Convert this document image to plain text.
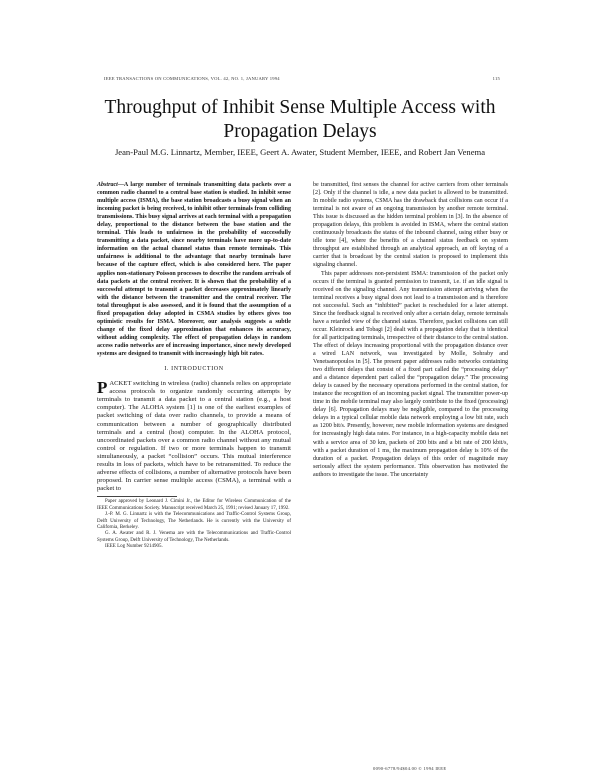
IEEE TRANSACTIONS ON COMMUNICATIONS, VOL. 42, NO. 1, JANUARY 1994	115
Throughput of Inhibit Sense Multiple Access with Propagation Delays
Jean-Paul M.G. Linnartz, Member, IEEE, Geert A. Awater, Student Member, IEEE, and Robert Jan Venema

Abstract—A large number of terminals transmitting data packets over a common radio channel to a central base station is studied. In inhibit sense multiple access (ISMA), the base station broadcasts a busy signal when an incoming packet is being received, to inhibit other terminals from colliding transmissions. This busy signal arrives at each terminal with a propagation delay, proportional to the distance between the base station and the terminal. This leads to unfairness in the probability of successfully transmitting a data packet, since nearby terminals have more up-to-date information on the actual channel status than remote terminals. This unfairness is additional to the advantage that nearby terminals have because of the capture effect, which is also considered here. The paper applies non-stationary Poisson processes to describe the random arrivals of data packets at the central receiver. It is shown that the probability of a successful attempt to transmit a packet decreases approximately linearly with the distance between the transmitter and the central receiver. The total throughput is also assessed, and it is found that the assumption of a fixed propagation delay adopted in CSMA studies by others gives too optimistic results for ISMA. Moreover, our analysis suggests a subtle change of the fixed delay approximation that enhances its accuracy, without adding complexity. The effect of propagation delays in random access radio networks are of increasing importance, since newly developed systems are designed to transmit with increasingly high bit rates.

I. INTRODUCTION

PACKET switching in wireless (radio) channels relies on appropriate access protocols to organize randomly occurring attempts by terminals to transmit a data packet to a central station (e.g., a host computer). The ALOHA system [1] is one of the earliest examples of packet switching of data over radio channels, to provide a means of communication between a number of geographically distributed terminals and a central (host) computer. In the ALOHA protocol, uncoordinated packets over a common radio channel without any mutual control or regulation. If two or more terminals happen to transmit simultaneously, a packet “collision” occurs. This mutual interference results in loss of packets, which have to be retransmitted. To reduce the adverse effects of collisions, a number of alternative protocols have been proposed. In carrier sense multiple access (CSMA), a terminal with a packet to

Paper approved by Leonard J. Cimini Jr., the Editor for Wireless Communication of the IEEE Communications Society. Manuscript received March 25, 1991; revised January 17, 1992.

J.-P. M. G. Linnartz is with the Telecommunications and Traffic-Control Systems Group, Delft University of Technology, The Netherlands. He is currently with the University of California, Berkeley.

G. A. Awater and R. J. Venema are with the Telecommunications and Traffic-Control Systems Group, Delft University of Technology, The Netherlands.

IEEE Log Number 9214905.

be transmitted, first senses the channel for active carriers from other terminals [2]. Only if the channel is idle, a new data packet is allowed to be transmitted. In mobile radio systems, CSMA has the drawback that collisions can occur if a terminal is not aware of an ongoing transmission by another remote terminal. This issue is discussed as the hidden terminal problem in [3]. In the absence of propagation delays, this problem is avoided in ISMA, where the central station continuously broadcasts the status of the inbound channel, using either busy or idle tone [4], where the benefits of a channel status feedback on system throughput are established through an analytical approach, an off keying of a carrier that is broadcast by the central station is proposed to implement this signaling channel.

This paper addresses non-persistent ISMA: transmission of the packet only occurs if the terminal is granted permission to transmit, i.e. if an idle signal is received on the signaling channel. Any transmission attempt arriving when the terminal receives a busy signal does not lead to a transmission and is therefore not successful. Such an “inhibited” packet is rescheduled for a later attempt. Since the feedback signal is received only after a certain delay, remote terminals have a retarded view of the channel status. Therefore, packet collisions can still occur. Kleinrock and Tobagi [2] dealt with a propagation delay that is identical for all participating terminals, irrespective of their distance to the central station. The effect of delays increasing proportional with the propagation distance over a wired LAN network, was investigated by Molle, Sohraby and Venetsanopoulos in [5]. The present paper addresses radio networks containing two different delays that consist of a fixed part called the “processing delay” and a distance dependent part called the “propagation delay.” The processing delay is caused by the necessary operations performed in the central station, for instance the recognition of an incoming packet signal. The transmitter power-up time in the mobile terminal may also largely contribute to the fixed (processing) delay [6]. Propagation delays may be negligible, compared to the processing delays in a typical cellular mobile data network employing a low bit rate, such as 1200 bit/s. Presently, however, new mobile information systems are designed for increasingly high data rates. For instance, in a high-capacity mobile data net with a service area of 30 km, packets of 200 bits and a bit rate of 200 kbit/s, with a packet duration of 1 ms, the maximum propagation delay is 10% of the duration of a packet. Propagation delays of this order of magnitude may seriously affect the system performance. This observation has motivated the authors to investigate the issue. The uncertainty

0090-6778/94$04.00 © 1994 IEEE
